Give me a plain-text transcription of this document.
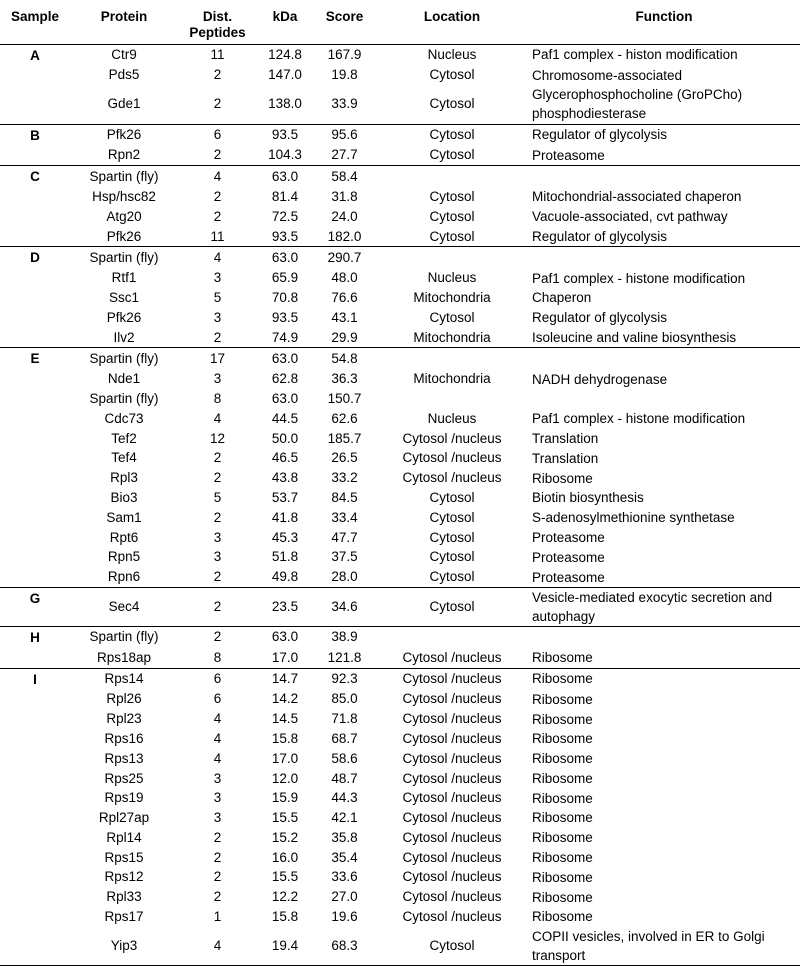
Sample	Protein	Dist. Peptides	kDa	Score	Location	Function
A	Ctr9	11	124.8	167.9	Nucleus	Paf1 complex - histon modification
	Pds5	2	147.0	19.8	Cytosol	Chromosome-associated
	Gde1	2	138.0	33.9	Cytosol	Glycerophosphocholine (GroPCho) phosphodiesterase
B	Pfk26	6	93.5	95.6	Cytosol	Regulator of glycolysis
	Rpn2	2	104.3	27.7	Cytosol	Proteasome
C	Spartin (fly)	4	63.0	58.4		
	Hsp/hsc82	2	81.4	31.8	Cytosol	Mitochondrial-associated chaperon
	Atg20	2	72.5	24.0	Cytosol	Vacuole-associated, cvt pathway
	Pfk26	11	93.5	182.0	Cytosol	Regulator of glycolysis
D	Spartin (fly)	4	63.0	290.7		
	Rtf1	3	65.9	48.0	Nucleus	Paf1 complex - histone modification
	Ssc1	5	70.8	76.6	Mitochondria	Chaperon
	Pfk26	3	93.5	43.1	Cytosol	Regulator of glycolysis
	Ilv2	2	74.9	29.9	Mitochondria	Isoleucine and valine biosynthesis
E	Spartin (fly)	17	63.0	54.8		
	Nde1	3	62.8	36.3	Mitochondria	NADH dehydrogenase
	Spartin (fly)	8	63.0	150.7		
	Cdc73	4	44.5	62.6	Nucleus	Paf1 complex - histone modification
	Tef2	12	50.0	185.7	Cytosol /nucleus	Translation
	Tef4	2	46.5	26.5	Cytosol /nucleus	Translation
	Rpl3	2	43.8	33.2	Cytosol /nucleus	Ribosome
	Bio3	5	53.7	84.5	Cytosol	Biotin biosynthesis
	Sam1	2	41.8	33.4	Cytosol	S-adenosylmethionine synthetase
	Rpt6	3	45.3	47.7	Cytosol	Proteasome
	Rpn5	3	51.8	37.5	Cytosol	Proteasome
	Rpn6	2	49.8	28.0	Cytosol	Proteasome
G	Sec4	2	23.5	34.6	Cytosol	Vesicle-mediated exocytic secretion and autophagy
H	Spartin (fly)	2	63.0	38.9		
	Rps18ap	8	17.0	121.8	Cytosol /nucleus	Ribosome
I	Rps14	6	14.7	92.3	Cytosol /nucleus	Ribosome
	Rpl26	6	14.2	85.0	Cytosol /nucleus	Ribosome
	Rpl23	4	14.5	71.8	Cytosol /nucleus	Ribosome
	Rps16	4	15.8	68.7	Cytosol /nucleus	Ribosome
	Rps13	4	17.0	58.6	Cytosol /nucleus	Ribosome
	Rps25	3	12.0	48.7	Cytosol /nucleus	Ribosome
	Rps19	3	15.9	44.3	Cytosol /nucleus	Ribosome
	Rpl27ap	3	15.5	42.1	Cytosol /nucleus	Ribosome
	Rpl14	2	15.2	35.8	Cytosol /nucleus	Ribosome
	Rps15	2	16.0	35.4	Cytosol /nucleus	Ribosome
	Rps12	2	15.5	33.6	Cytosol /nucleus	Ribosome
	Rpl33	2	12.2	27.0	Cytosol /nucleus	Ribosome
	Rps17	1	15.8	19.6	Cytosol /nucleus	Ribosome
	Yip3	4	19.4	68.3	Cytosol	COPII vesicles, involved in ER to Golgi transport
